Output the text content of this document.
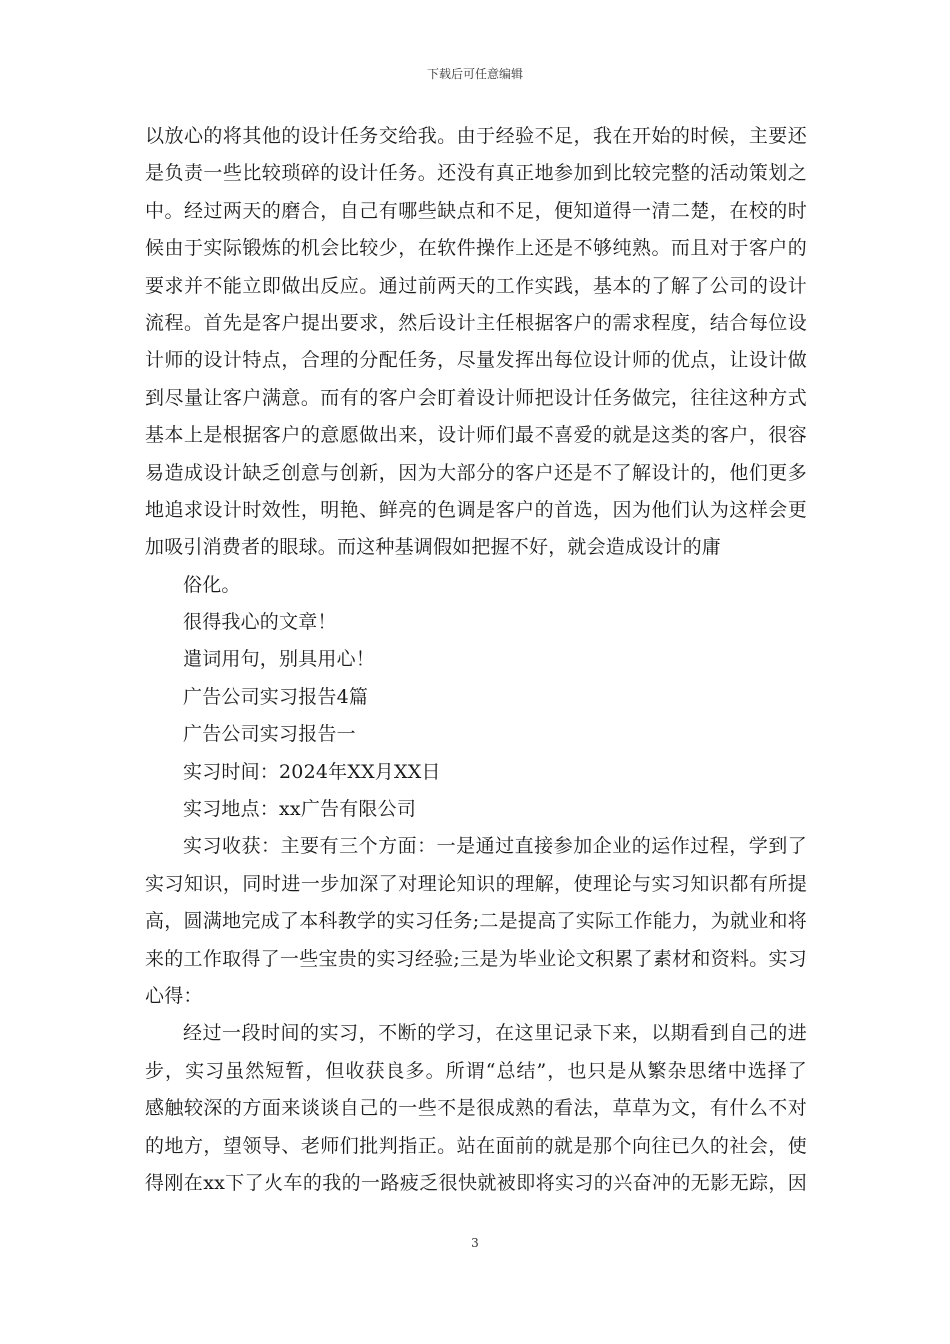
下载后可任意编辑
以放心的将其他的设计任务交给我。由于经验不足，我在开始的时候，主要还
是负责一些比较琐碎的设计任务。还没有真正地参加到比较完整的活动策划之
中。经过两天的磨合，自己有哪些缺点和不足，便知道得一清二楚，在校的时
候由于实际锻炼的机会比较少，在软件操作上还是不够纯熟。而且对于客户的
要求并不能立即做出反应。通过前两天的工作实践，基本的了解了公司的设计
流程。首先是客户提出要求，然后设计主任根据客户的需求程度，结合每位设
计师的设计特点，合理的分配任务，尽量发挥出每位设计师的优点，让设计做
到尽量让客户满意。而有的客户会盯着设计师把设计任务做完，往往这种方式
基本上是根据客户的意愿做出来，设计师们最不喜爱的就是这类的客户，很容
易造成设计缺乏创意与创新，因为大部分的客户还是不了解设计的，他们更多
地追求设计时效性，明艳、鲜亮的色调是客户的首选，因为他们认为这样会更
加吸引消费者的眼球。而这种基调假如把握不好，就会造成设计的庸
俗化。
很得我心的文章！
遣词用句，别具用心！
广告公司实习报告4篇
广告公司实习报告一
实习时间：2024年XX月XX日
实习地点：xx广告有限公司
实习收获：主要有三个方面：一是通过直接参加企业的运作过程，学到了
实习知识，同时进一步加深了对理论知识的理解，使理论与实习知识都有所提
高，圆满地完成了本科教学的实习任务;二是提高了实际工作能力，为就业和将
来的工作取得了一些宝贵的实习经验;三是为毕业论文积累了素材和资料。实习
心得：
经过一段时间的实习，不断的学习，在这里记录下来，以期看到自己的进
步，实习虽然短暂，但收获良多。所谓“总结”，也只是从繁杂思绪中选择了
感触较深的方面来谈谈自己的一些不是很成熟的看法，草草为文，有什么不对
的地方，望领导、老师们批判指正。站在面前的就是那个向往已久的社会，使
得刚在xx下了火车的我的一路疲乏很快就被即将实习的兴奋冲的无影无踪，因
3
